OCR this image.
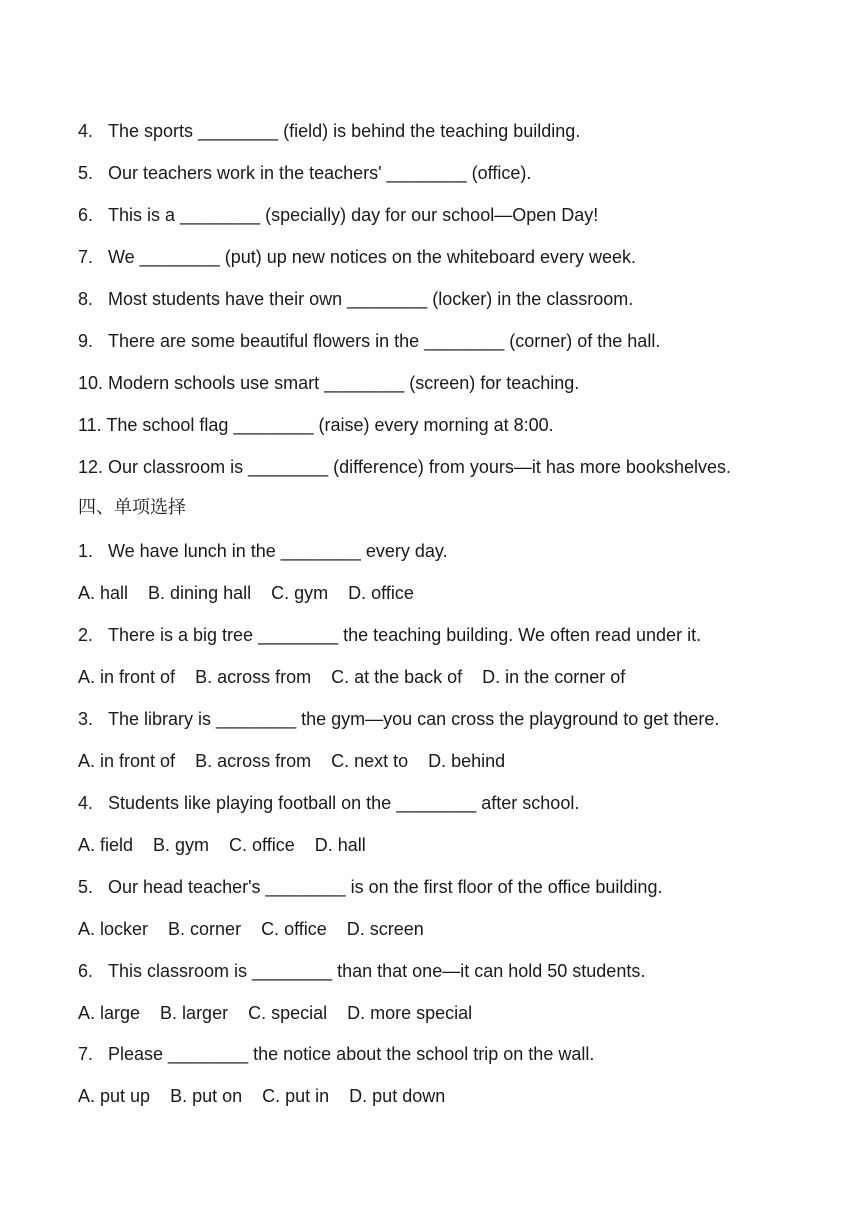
4. The sports ________ (field) is behind the teaching building.
5. Our teachers work in the teachers' ________ (office).
6. This is a ________ (specially) day for our school—Open Day!
7. We ________ (put) up new notices on the whiteboard every week.
8. Most students have their own ________ (locker) in the classroom.
9. There are some beautiful flowers in the ________ (corner) of the hall.
10. Modern schools use smart ________ (screen) for teaching.
11. The school flag ________ (raise) every morning at 8:00.
12. Our classroom is ________ (difference) from yours—it has more bookshelves.
四、单项选择
1. We have lunch in the ________ every day.
A. hall B. dining hall C. gym D. office
2. There is a big tree ________ the teaching building. We often read under it.
A. in front of B. across from C. at the back of D. in the corner of
3. The library is ________ the gym—you can cross the playground to get there.
A. in front of B. across from C. next to D. behind
4. Students like playing football on the ________ after school.
A. field B. gym C. office D. hall
5. Our head teacher's ________ is on the first floor of the office building.
A. locker B. corner C. office D. screen
6. This classroom is ________ than that one—it can hold 50 students.
A. large B. larger C. special D. more special
7. Please ________ the notice about the school trip on the wall.
A. put up B. put on C. put in D. put down
